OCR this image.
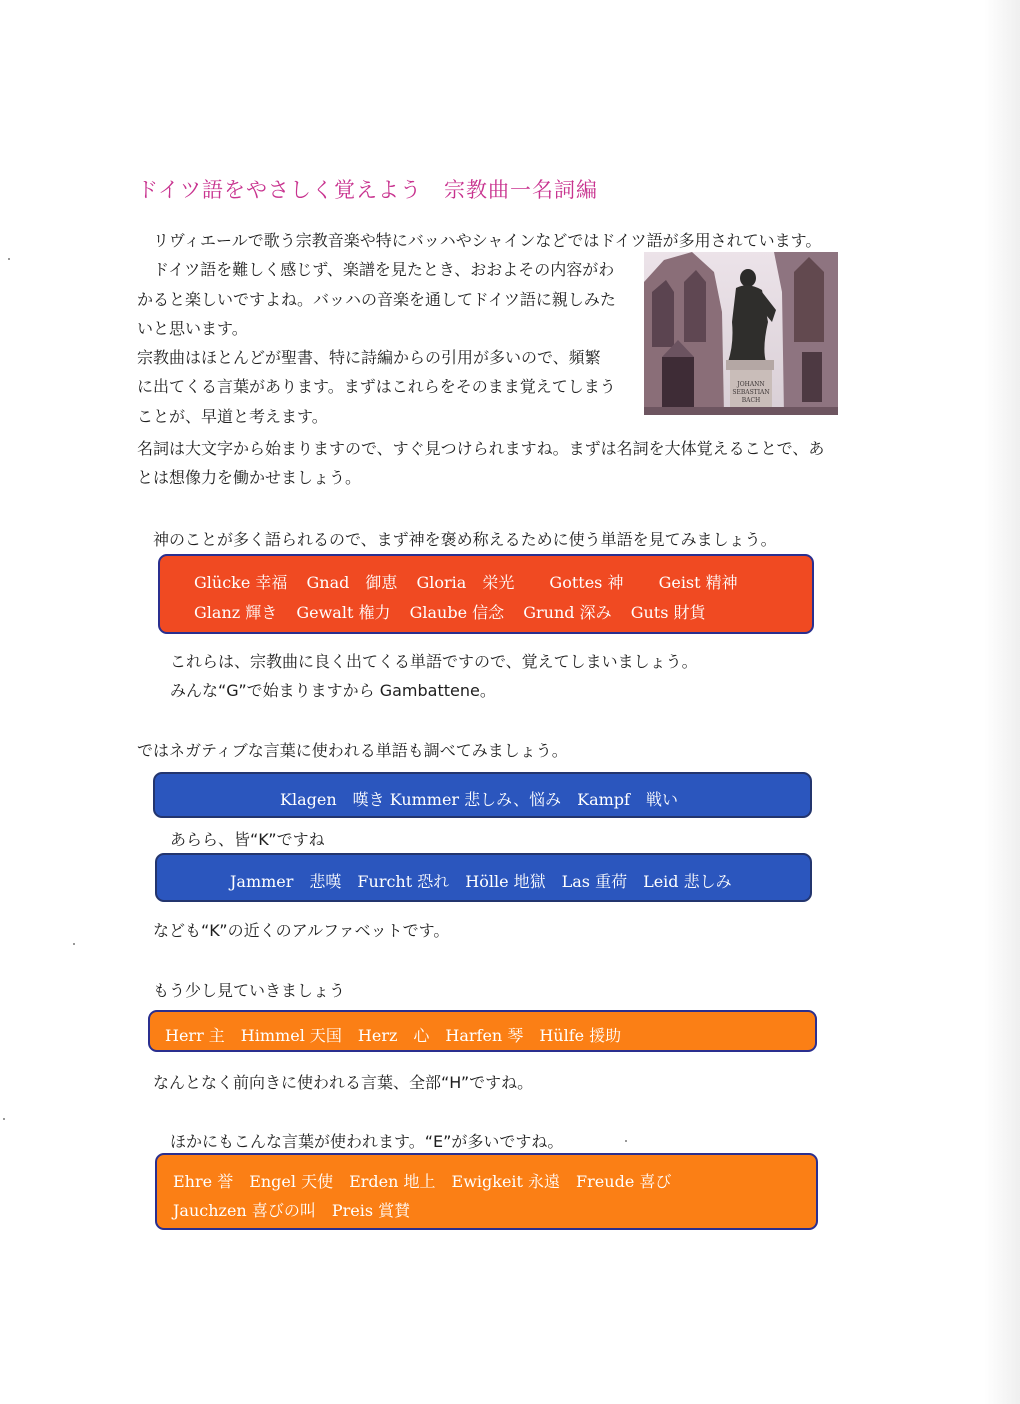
ドイツ語をやさしく覚えよう　宗教曲一名詞編
リヴィエールで歌う宗教音楽や特にバッハやシャインなどではドイツ語が多用されています。
ドイツ語を難しく感じず、楽譜を見たとき、おおよその内容がわ
かると楽しいですよね。バッハの音楽を通してドイツ語に親しみた
いと思います。
宗教曲はほとんどが聖書、特に詩編からの引用が多いので、頻繁
に出てくる言葉があります。まずはこれらをそのまま覚えてしまう
ことが、早道と考えます。
名詞は大文字から始まりますので、すぐ見つけられますね。まずは名詞を大体覚えることで、あ
とは想像力を働かせましょう。
JOHANN
SEBASTIAN
BACH
神のことが多く語られるので、まず神を褒め称えるために使う単語を見てみましょう。
Glücke 幸福 Gnad　御恵 Gloria　栄光 Gottes 神 Geist 精神
Glanz 輝き Gewalt 権力 Glaube 信念 Grund 深み Guts 財貨
これらは、宗教曲に良く出てくる単語ですので、覚えてしまいましょう。
みんな“G”で始まりますから Gambattene。
ではネガティブな言葉に使われる単語も調べてみましょう。
Klagen　嘆き Kummer 悲しみ、悩み　Kampf　戦い
あらら、皆“K”ですね
Jammer　悲嘆　Furcht 恐れ　Hölle 地獄　Las 重荷　Leid 悲しみ
なども“K”の近くのアルファベットです。
もう少し見ていきましょう
Herr 主　Himmel 天国　Herz　心　Harfen 琴　Hülfe 援助
なんとなく前向きに使われる言葉、全部“H”ですね。
ほかにもこんな言葉が使われます。“E”が多いですね。
Ehre 誉　Engel 天使　Erden 地上　Ewigkeit 永遠　Freude 喜び
Jauchzen 喜びの叫　Preis 賞賛
